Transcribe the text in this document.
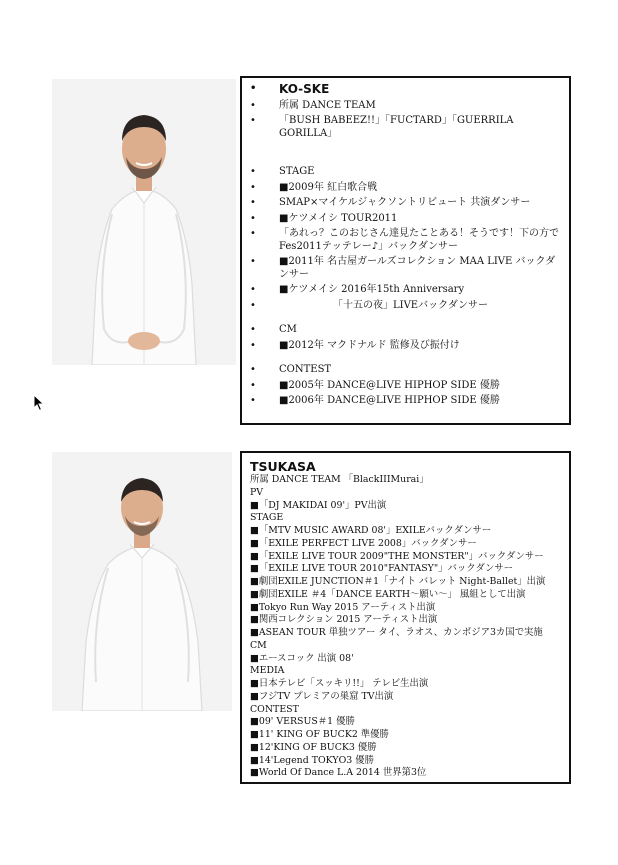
• KO-SKE
• 所属 DANCE TEAM
• 「BUSH BABEEZ!!」「FUCTARD」「GUERRILA GORILLA」
• STAGE
• ■2009年 紅白歌合戦
• SMAP×マイケルジャクソントリビュート 共演ダンサー
• ■ケツメイシ TOUR2011
• 「あれっ？このおじさん達見たことある！そうです！下の方でFes2011テッテレー♪」バックダンサー
• ■2011年 名古屋ガールズコレクション MAA LIVE バックダンサー
• ■ケツメイシ 2016年15th Anniversary
• 「十五の夜」LIVEバックダンサー
• CM
• ■2012年 マクドナルド 監修及び振付け
• CONTEST
• ■2005年 DANCE@LIVE HIPHOP SIDE 優勝
• ■2006年 DANCE@LIVE HIPHOP SIDE 優勝
TSUKASA
所属 DANCE TEAM 「BlackIIIMurai」
PV
■「DJ MAKIDAI 09'」PV出演
STAGE
■「MTV MUSIC AWARD 08'」EXILEバックダンサー
■「EXILE PERFECT LIVE 2008」バックダンサー
■「EXILE LIVE TOUR 2009"THE MONSTER"」バックダンサー
■「EXILE LIVE TOUR 2010"FANTASY"」バックダンサー
■劇団EXILE JUNCTION＃1「ナイト バレット Night-Ballet」出演
■劇団EXILE ＃4「DANCE EARTH～願い～」 風組として出演
■Tokyo Run Way 2015 アーティスト出演
■関西コレクション 2015 アーティスト出演
■ASEAN TOUR 単独ツアー タイ、ラオス、カンボジア3カ国で実施
CM
■エースコック 出演 08'
MEDIA
■日本テレビ「スッキリ!!」 テレビ生出演
■フジTV プレミアの巣窟 TV出演
CONTEST
■09' VERSUS＃1 優勝
■11' KING OF BUCK2 準優勝
■12'KING OF BUCK3 優勝
■14'Legend TOKYO3 優勝
■World Of Dance L.A 2014 世界第3位
